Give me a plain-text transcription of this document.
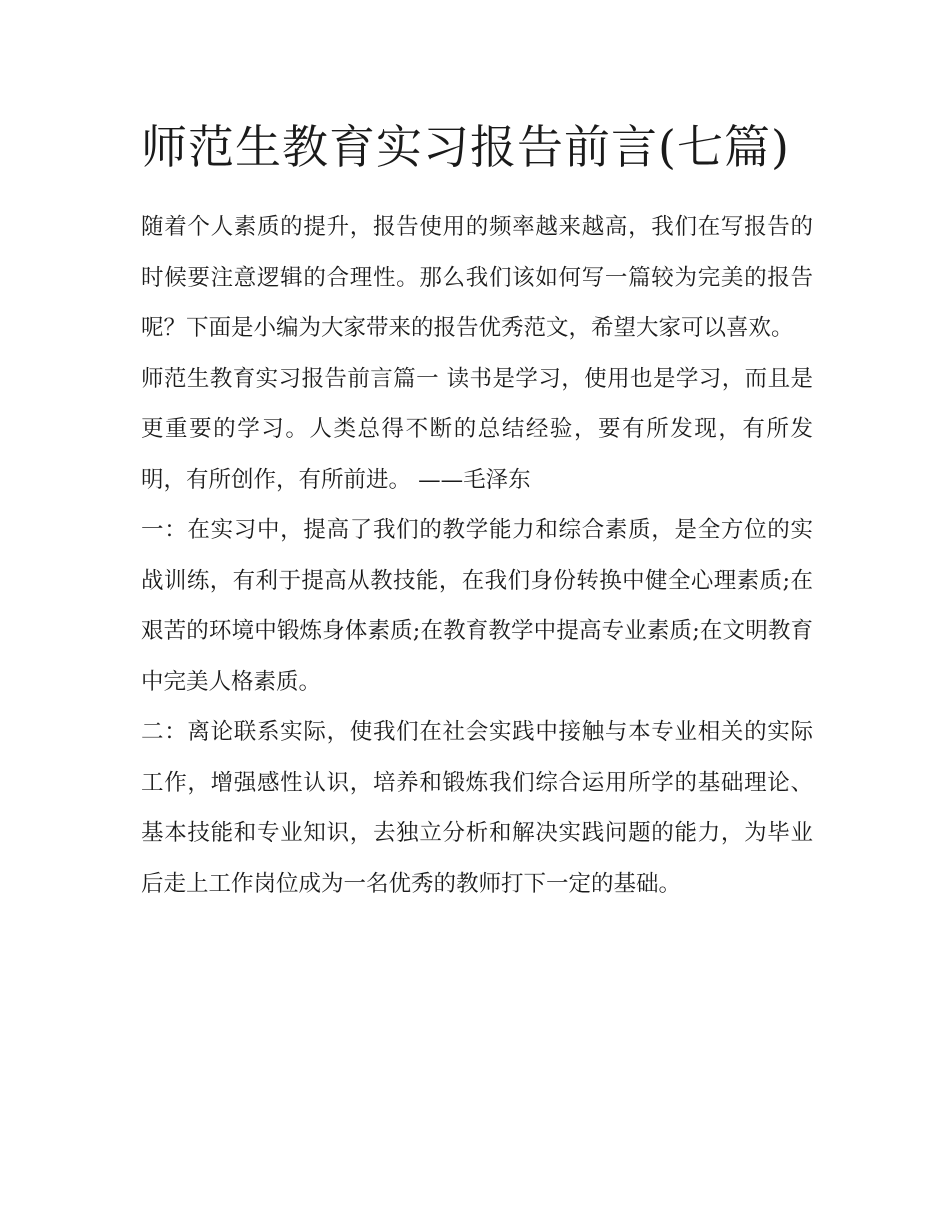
师范生教育实习报告前言(七篇)

随着个人素质的提升，报告使用的频率越来越高，我们在写报告的时候要注意逻辑的合理性。那么我们该如何写一篇较为完美的报告呢？下面是小编为大家带来的报告优秀范文，希望大家可以喜欢。

师范生教育实习报告前言篇一 读书是学习，使用也是学习，而且是更重要的学习。人类总得不断的总结经验，要有所发现，有所发明，有所创作，有所前进。 ——毛泽东

一：在实习中，提高了我们的教学能力和综合素质，是全方位的实战训练，有利于提高从教技能，在我们身份转换中健全心理素质;在艰苦的环境中锻炼身体素质;在教育教学中提高专业素质;在文明教育中完美人格素质。

二：离论联系实际，使我们在社会实践中接触与本专业相关的实际工作，增强感性认识，培养和锻炼我们综合运用所学的基础理论、基本技能和专业知识，去独立分析和解决实践问题的能力，为毕业后走上工作岗位成为一名优秀的教师打下一定的基础。
